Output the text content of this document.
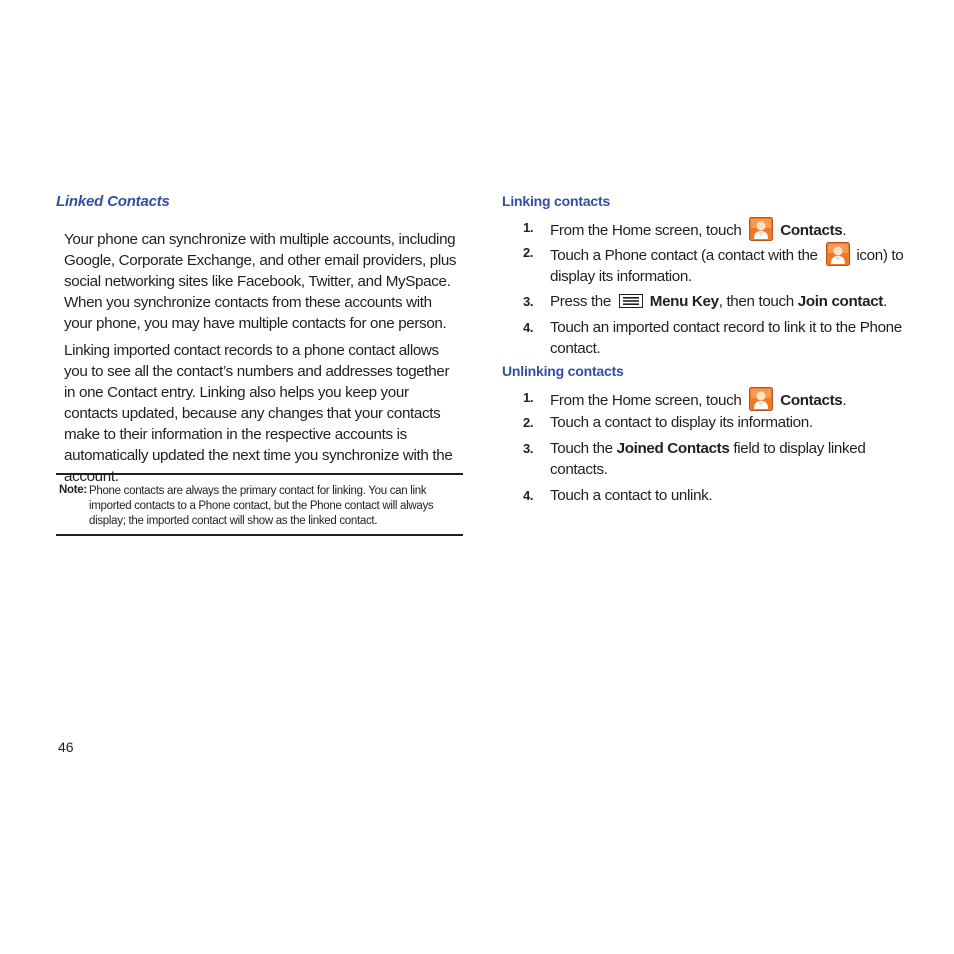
Linked Contacts

Your phone can synchronize with multiple accounts, including Google, Corporate Exchange, and other email providers, plus social networking sites like Facebook, Twitter, and MySpace. When you synchronize contacts from these accounts with your phone, you may have multiple contacts for one person.

Linking imported contact records to a phone contact allows you to see all the contact’s numbers and addresses together in one Contact entry. Linking also helps you keep your contacts updated, because any changes that your contacts make to their information in the respective accounts is automatically updated the next time you synchronize with the account.

Note: Phone contacts are always the primary contact for linking. You can link imported contacts to a Phone contact, but the Phone contact will always display; the imported contact will show as the linked contact.
Linking contacts
1. From the Home screen, touch	Contacts.
2. Touch a Phone contact (a contact with the	icon) to display its information.
3. Press the	Menu Key, then touch Join contact.
4. Touch an imported contact record to link it to the Phone contact.
Unlinking contacts
1. From the Home screen, touch	Contacts.
2. Touch a contact to display its information.
3. Touch the Joined Contacts field to display linked contacts.
4. Touch a contact to unlink.
46
